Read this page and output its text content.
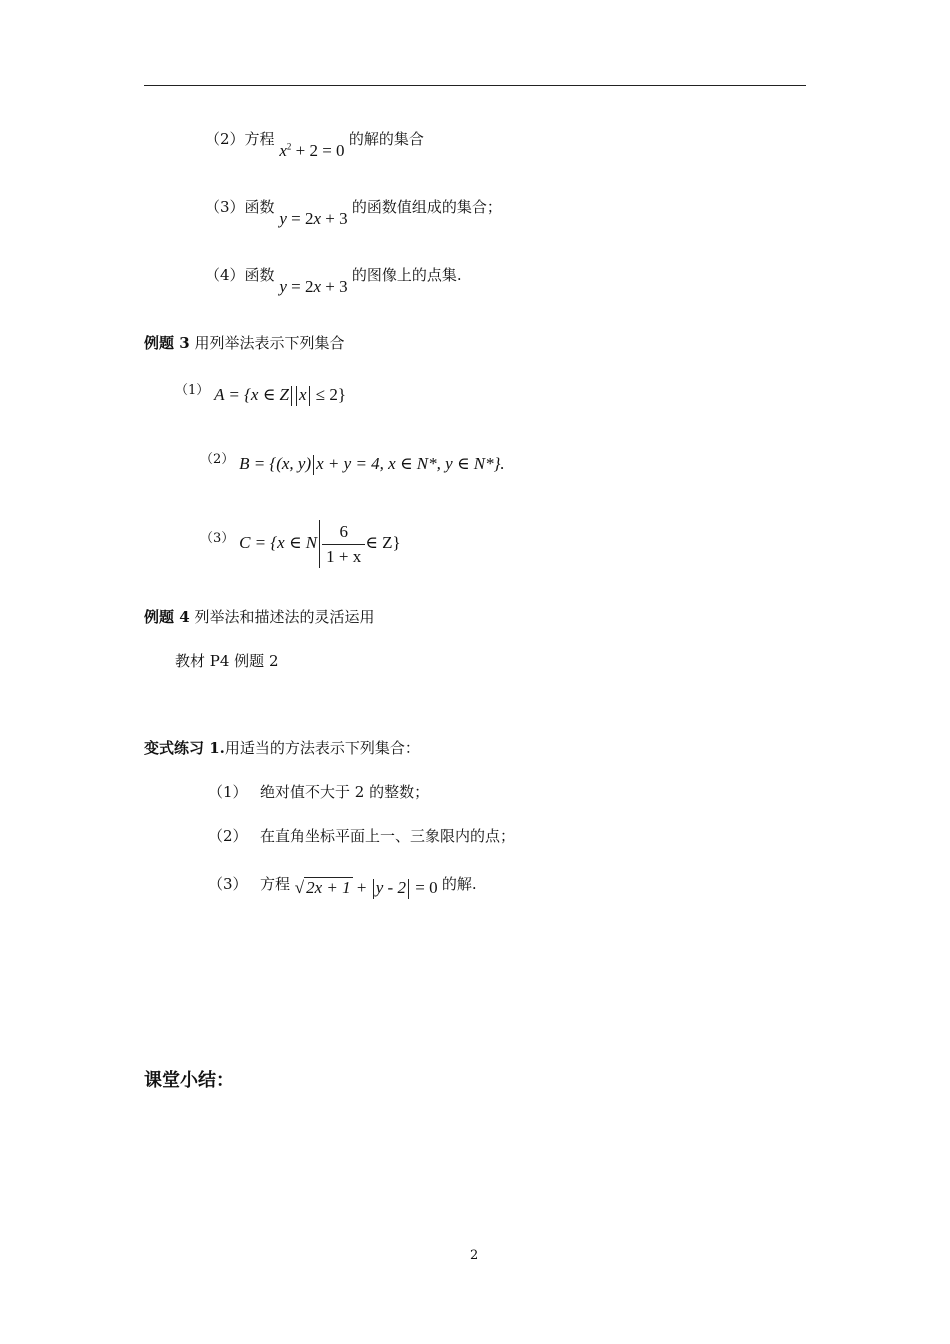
（2）方程 $x^2 + 2 = 0$ 的解的集合
（3）函数 y = 2x + 3 的函数值组成的集合；
（4）函数 y = 2x + 3 的图像上的点集.
例题 3 用列举法表示下列集合
（1） A = {x ∈ Z x ≤ 2}
（2） B = {(x, y) x + y = 4, x ∈ N*, y ∈ N*}.
（3） C = {x ∈ N $\frac{6}{1 + x}$ ∈ Z}
例题 4 列举法和描述法的灵活运用
教材 P4 例题 2
变式练习 1.用适当的方法表示下列集合：
（1） 绝对值不大于 2 的整数；
（2） 在直角坐标平面上一、三象限内的点；
（3） 方程 √ 2x + 1 + y - 2 = 0 的解.
课堂小结：
2
